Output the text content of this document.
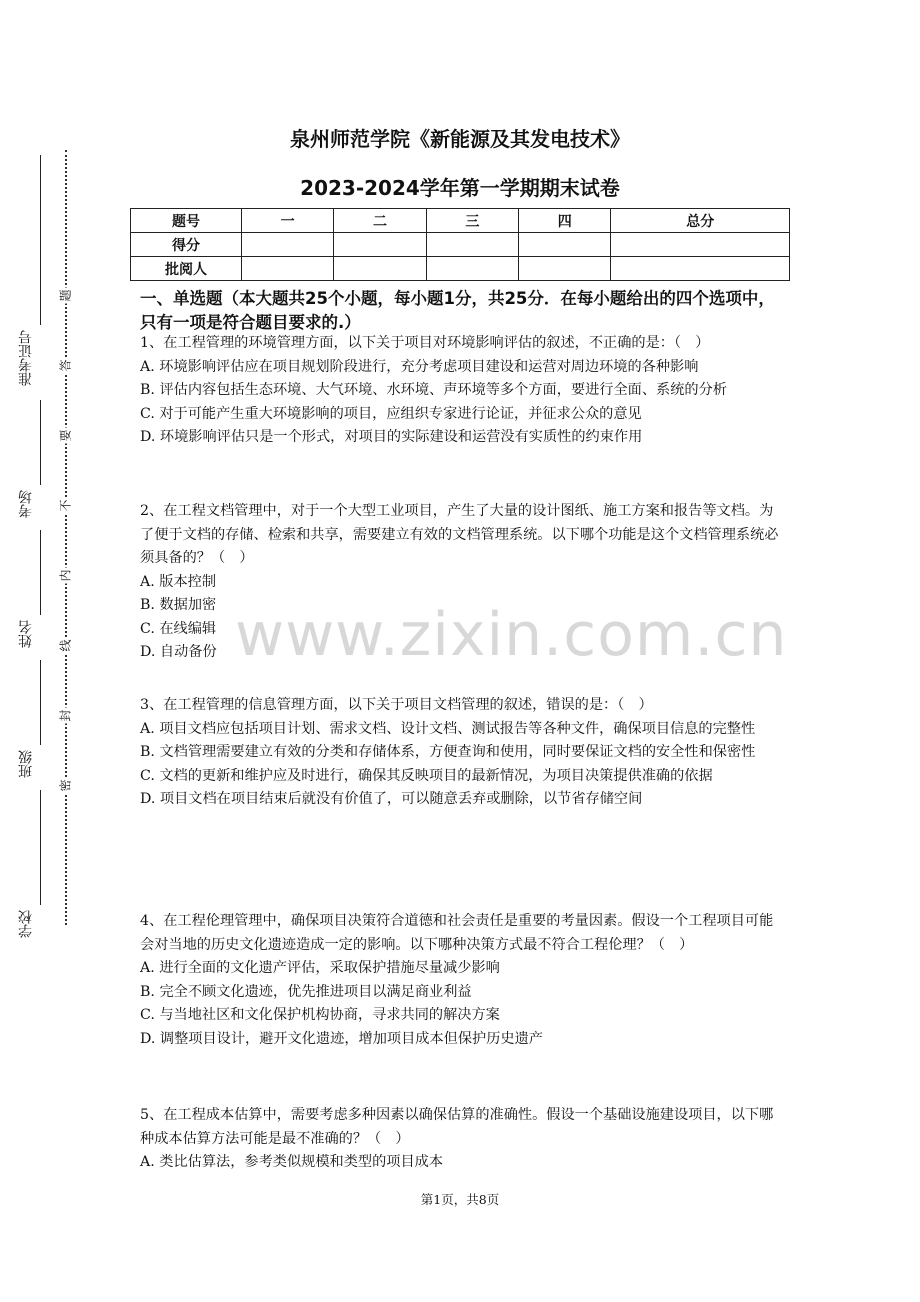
准考证号
考场
姓名
班级
学校
题
答
要
不
内
线
封
密
泉州师范学院《新能源及其发电技术》
2023-2024学年第一学期期末试卷
题号	一	二	三	四	总分
得分					
批阅人					
一、单选题（本大题共25个小题，每小题1分，共25分．在每小题给出的四个选项中，只有一项是符合题目要求的.）

1、在工程管理的环境管理方面，以下关于项目对环境影响评估的叙述，不正确的是：（　）

A. 环境影响评估应在项目规划阶段进行，充分考虑项目建设和运营对周边环境的各种影响

B. 评估内容包括生态环境、大气环境、水环境、声环境等多个方面，要进行全面、系统的分析

C. 对于可能产生重大环境影响的项目，应组织专家进行论证，并征求公众的意见

D. 环境影响评估只是一个形式，对项目的实际建设和运营没有实质性的约束作用

2、在工程文档管理中，对于一个大型工业项目，产生了大量的设计图纸、施工方案和报告等文档。为了便于文档的存储、检索和共享，需要建立有效的文档管理系统。以下哪个功能是这个文档管理系统必须具备的？（　）

A. 版本控制

B. 数据加密

C. 在线编辑

D. 自动备份

3、在工程管理的信息管理方面，以下关于项目文档管理的叙述，错误的是：（　）

A. 项目文档应包括项目计划、需求文档、设计文档、测试报告等各种文件，确保项目信息的完整性

B. 文档管理需要建立有效的分类和存储体系，方便查询和使用，同时要保证文档的安全性和保密性

C. 文档的更新和维护应及时进行，确保其反映项目的最新情况，为项目决策提供准确的依据

D. 项目文档在项目结束后就没有价值了，可以随意丢弃或删除，以节省存储空间

4、在工程伦理管理中，确保项目决策符合道德和社会责任是重要的考量因素。假设一个工程项目可能会对当地的历史文化遗迹造成一定的影响。以下哪种决策方式最不符合工程伦理？（　）

A. 进行全面的文化遗产评估，采取保护措施尽量减少影响

B. 完全不顾文化遗迹，优先推进项目以满足商业利益

C. 与当地社区和文化保护机构协商，寻求共同的解决方案

D. 调整项目设计，避开文化遗迹，增加项目成本但保护历史遗产

5、在工程成本估算中，需要考虑多种因素以确保估算的准确性。假设一个基础设施建设项目，以下哪种成本估算方法可能是最不准确的？（　）

A. 类比估算法，参考类似规模和类型的项目成本

www.zixin.com.cn
第1页，共8页
